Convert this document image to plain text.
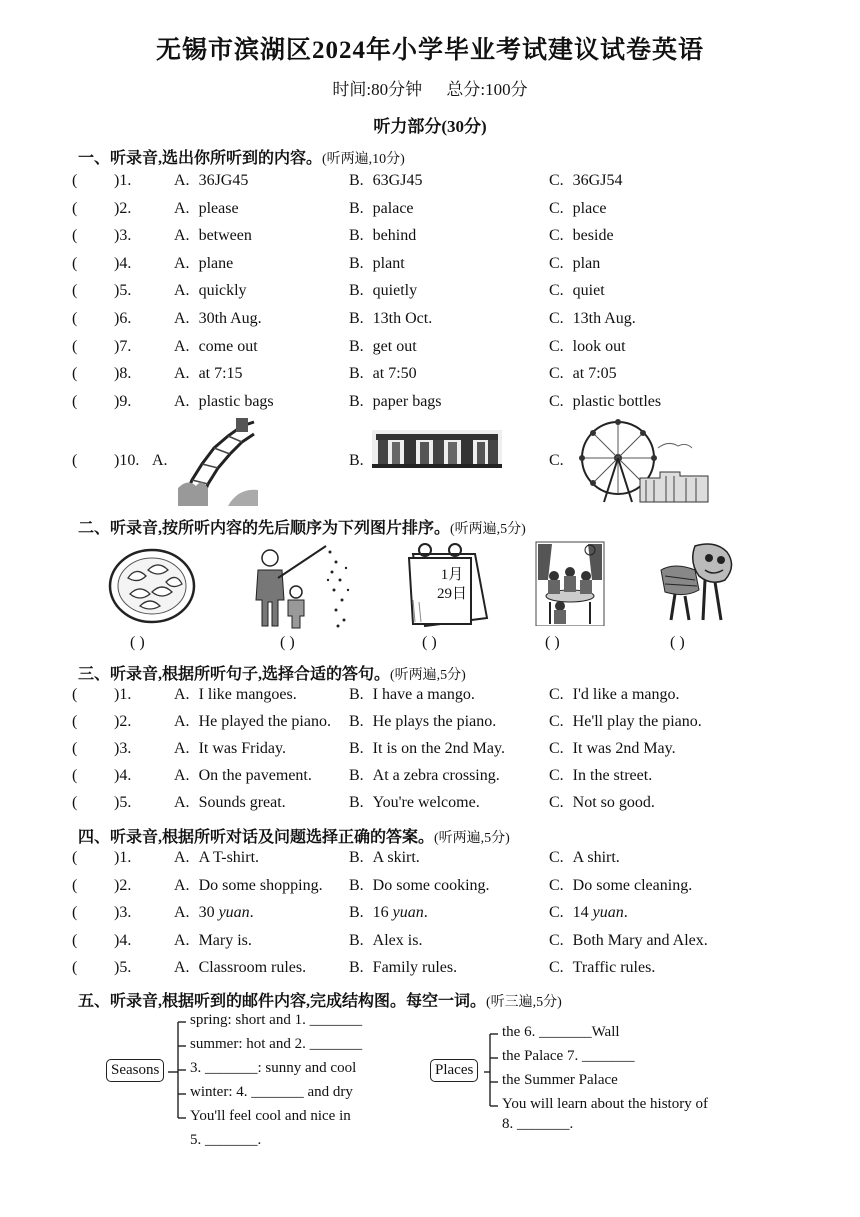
无锡市滨湖区2024年小学毕业考试建议试卷英语
时间:80分钟 总分:100分
听力部分(30分)
一、听录音,选出你所听到的内容。(听两遍,10分)
( )1.	A. 36JG45	B. 63GJ45	C. 36GJ54
( )2.	A. please	B. palace	C. place
( )3.	A. between	B. behind	C. beside
( )4.	A. plane	B. plant	C. plan
( )5.	A. quickly	B. quietly	C. quiet
( )6.	A. 30th Aug.	B. 13th Oct.	C. 13th Aug.
( )7.	A. come out	B. get out	C. look out
( )8.	A. at 7:15	B. at 7:50	C. at 7:05
( )9.	A. plastic bags	B. paper bags	C. plastic bottles
( )10. A.	B.	C.
二、听录音,按所听内容的先后顺序为下列图片排序。(听两遍,5分)
1月
29日
( )	( )	( )	( )	( )
三、听录音,根据所听句子,选择合适的答句。(听两遍,5分)
( )1.	A. I like mangoes.	B. I have a mango.	C. I'd like a mango.
( )2.	A. He played the piano. B. He plays the piano.	C. He'll play the piano.
( )3.	A. It was Friday.	B. It is on the 2nd May.	C. It was 2nd May.
( )4.	A. On the pavement. B. At a zebra crossing.	C. In the street.
( )5.	A. Sounds great.	B. You're welcome.	C. Not so good.
四、听录音,根据所听对话及问题选择正确的答案。(听两遍,5分)
( )1.	A. A T-shirt.	B. A skirt.	C. A shirt.
( )2.	A. Do some shopping. B. Do some cooking.	C. Do some cleaning.
( )3.	A. 30 yuan.	B. 16 yuan.	C. 14 yuan.
( )4.	A. Mary is.	B. Alex is.	C. Both Mary and Alex.
( )5.	A. Classroom rules.	B. Family rules.	C. Traffic rules.
五、听录音,根据听到的邮件内容,完成结构图。每空一词。(听三遍,5分)
Seasons
spring: short and 1. _______
summer: hot and 2. _______
3. _______: sunny and cool
winter: 4. _______ and dry
You'll feel cool and nice in
5. _______.
Places
the 6. _______Wall
the Palace 7. _______
the Summer Palace
You will learn about the history of
8. _______.
